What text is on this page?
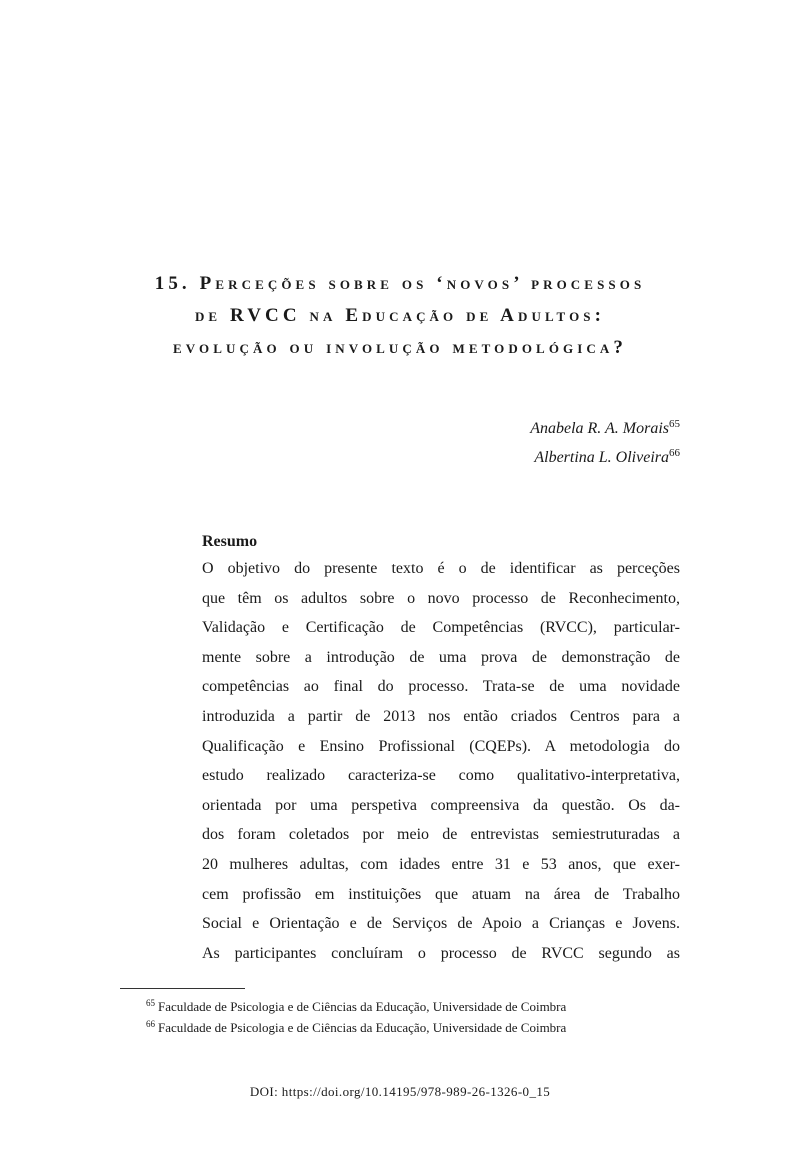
15. Perceções sobre os ‘novos’ processos
de RVCC na Educação de Adultos:
evolução ou involução metodológica?
Anabela R. A. Morais$^{65}$
Albertina L. Oliveira$^{66}$

Resumo

O objetivo do presente texto é o de identificar as perceções
que têm os adultos sobre o novo processo de Reconhecimento,
Validação e Certificação de Competências (RVCC), particular-
mente sobre a introdução de uma prova de demonstração de
competências ao final do processo. Trata-se de uma novidade
introduzida a partir de 2013 nos então criados Centros para a
Qualificação e Ensino Profissional (CQEPs). A metodologia do
estudo realizado caracteriza-se como qualitativo-interpretativa,
orientada por uma perspetiva compreensiva da questão. Os da-
dos foram coletados por meio de entrevistas semiestruturadas a
20 mulheres adultas, com idades entre 31 e 53 anos, que exer-
cem profissão em instituições que atuam na área de Trabalho
Social e Orientação e de Serviços de Apoio a Crianças e Jovens.
As participantes concluíram o processo de RVCC segundo as
$^{65}$ Faculdade de Psicologia e de Ciências da Educação, Universidade de Coimbra
$^{66}$ Faculdade de Psicologia e de Ciências da Educação, Universidade de Coimbra
DOI: https://doi.org/10.14195/978-989-26-1326-0_15
